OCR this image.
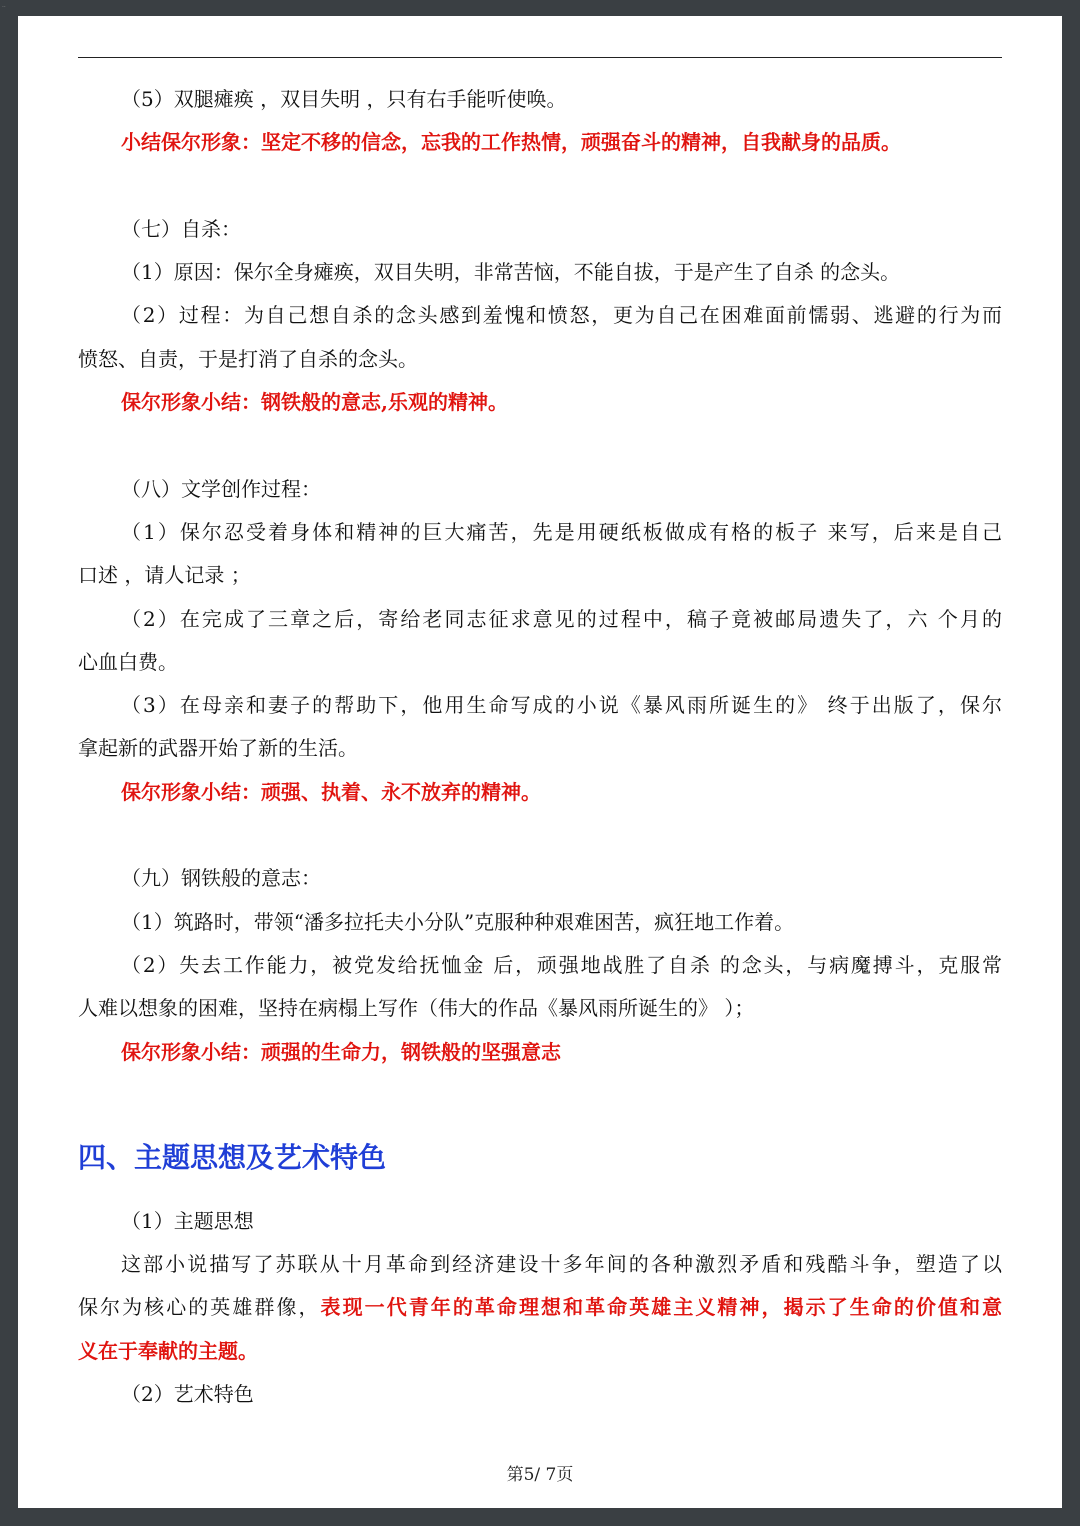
..
（5）双腿瘫痪 ，双目失明 ，只有右手能听使唤。
小结保尔形象：坚定不移的信念，忘我的工作热情，顽强奋斗的精神，自我献身的品质。
（七）自杀：
（1）原因：保尔全身瘫痪，双目失明，非常苦恼，不能自拔，于是产生了自杀 的念头。
（2）过程：为自己想自杀的念头感到羞愧和愤怒，更为自己在困难面前懦弱、逃避的行为而
愤怒、自责，于是打消了自杀的念头。
保尔形象小结：钢铁般的意志,乐观的精神。
（八）文学创作过程：
（1）保尔忍受着身体和精神的巨大痛苦，先是用硬纸板做成有格的板子 来写，后来是自己
口述 ，请人记录 ；
（2）在完成了三章之后，寄给老同志征求意见的过程中，稿子竟被邮局遗失了，六 个月的
心血白费。
（3）在母亲和妻子的帮助下，他用生命写成的小说《暴风雨所诞生的》 终于出版了，保尔
拿起新的武器开始了新的生活。
保尔形象小结：顽强、执着、永不放弃的精神。
（九）钢铁般的意志：
（1）筑路时，带领“潘多拉托夫小分队”克服种种艰难困苦，疯狂地工作着。
（2）失去工作能力，被党发给抚恤金 后，顽强地战胜了自杀 的念头，与病魔搏斗，克服常
人难以想象的困难，坚持在病榻上写作（伟大的作品《暴风雨所诞生的》 ）；
保尔形象小结：顽强的生命力，钢铁般的坚强意志
四、主题思想及艺术特色
（1）主题思想
这部小说描写了苏联从十月革命到经济建设十多年间的各种激烈矛盾和残酷斗争，塑造了以
保尔为核心的英雄群像，表现一代青年的革命理想和革命英雄主义精神，揭示了生命的价值和意
义在于奉献的主题。
（2）艺术特色
第5/ 7页
